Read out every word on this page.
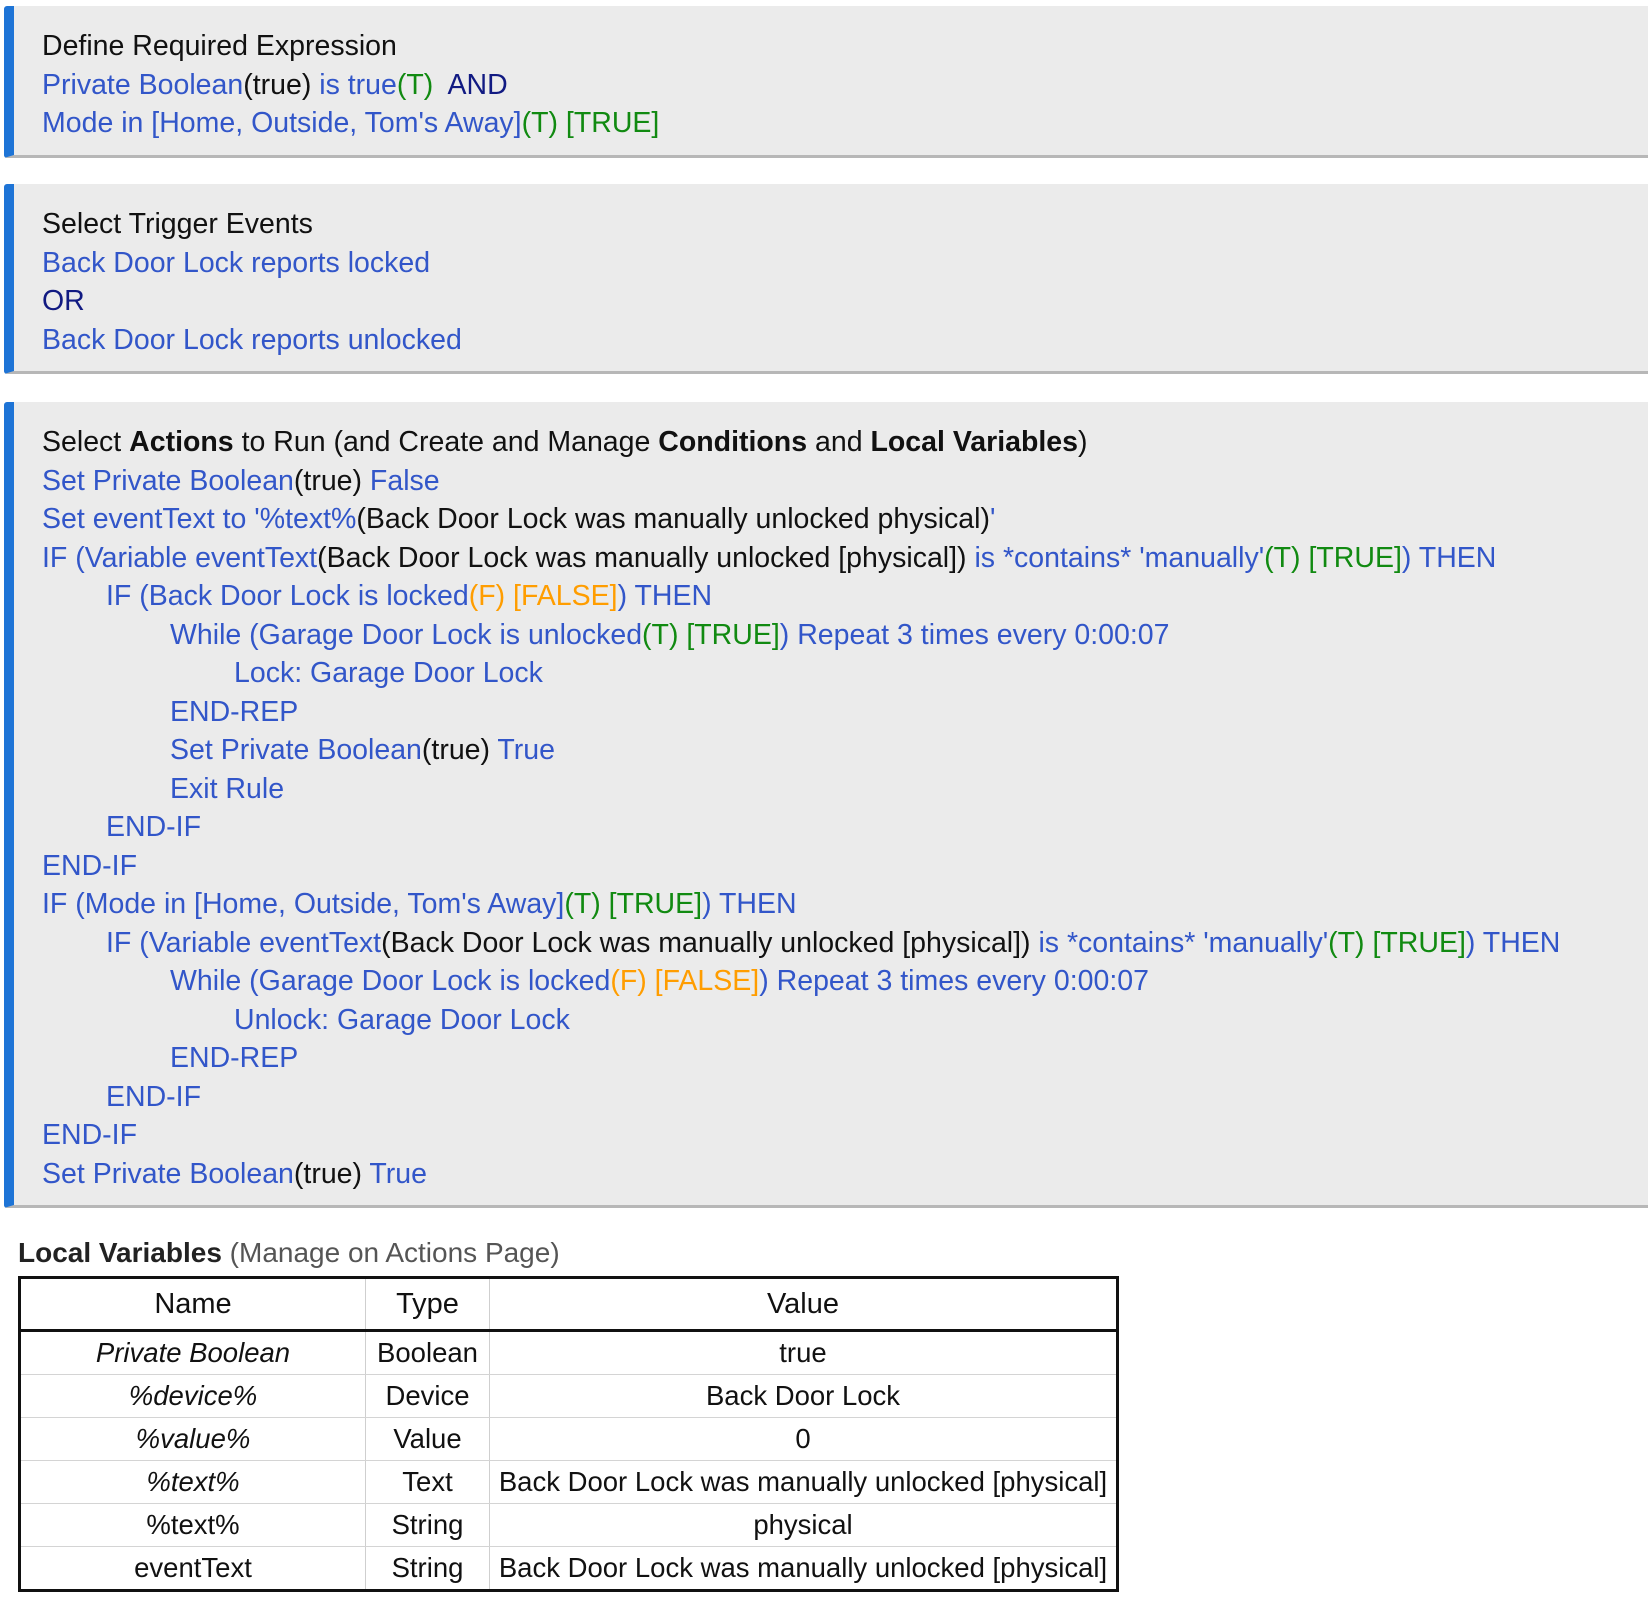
Define Required Expression
Private Boolean(true) is true(T)  AND
Mode in [Home, Outside, Tom's Away](T) [TRUE]
Select Trigger Events
Back Door Lock reports locked
OR
Back Door Lock reports unlocked
Select Actions to Run (and Create and Manage Conditions and Local Variables)
Set Private Boolean(true) False
Set eventText to '%text%(Back Door Lock was manually unlocked physical)'
IF (Variable eventText(Back Door Lock was manually unlocked [physical]) is *contains* 'manually'(T) [TRUE]) THEN
IF (Back Door Lock is locked(F) [FALSE]) THEN
While (Garage Door Lock is unlocked(T) [TRUE]) Repeat 3 times every 0:00:07
Lock: Garage Door Lock
END-REP
Set Private Boolean(true) True
Exit Rule
END-IF
END-IF
IF (Mode in [Home, Outside, Tom's Away](T) [TRUE]) THEN
IF (Variable eventText(Back Door Lock was manually unlocked [physical]) is *contains* 'manually'(T) [TRUE]) THEN
While (Garage Door Lock is locked(F) [FALSE]) Repeat 3 times every 0:00:07
Unlock: Garage Door Lock
END-REP
END-IF
END-IF
Set Private Boolean(true) True
Local Variables (Manage on Actions Page)
Name	Type	Value
Private Boolean	Boolean	true
%device%	Device	Back Door Lock
%value%	Value	0
%text%	Text	Back Door Lock was manually unlocked [physical]
%text%	String	physical
eventText	String	Back Door Lock was manually unlocked [physical]
